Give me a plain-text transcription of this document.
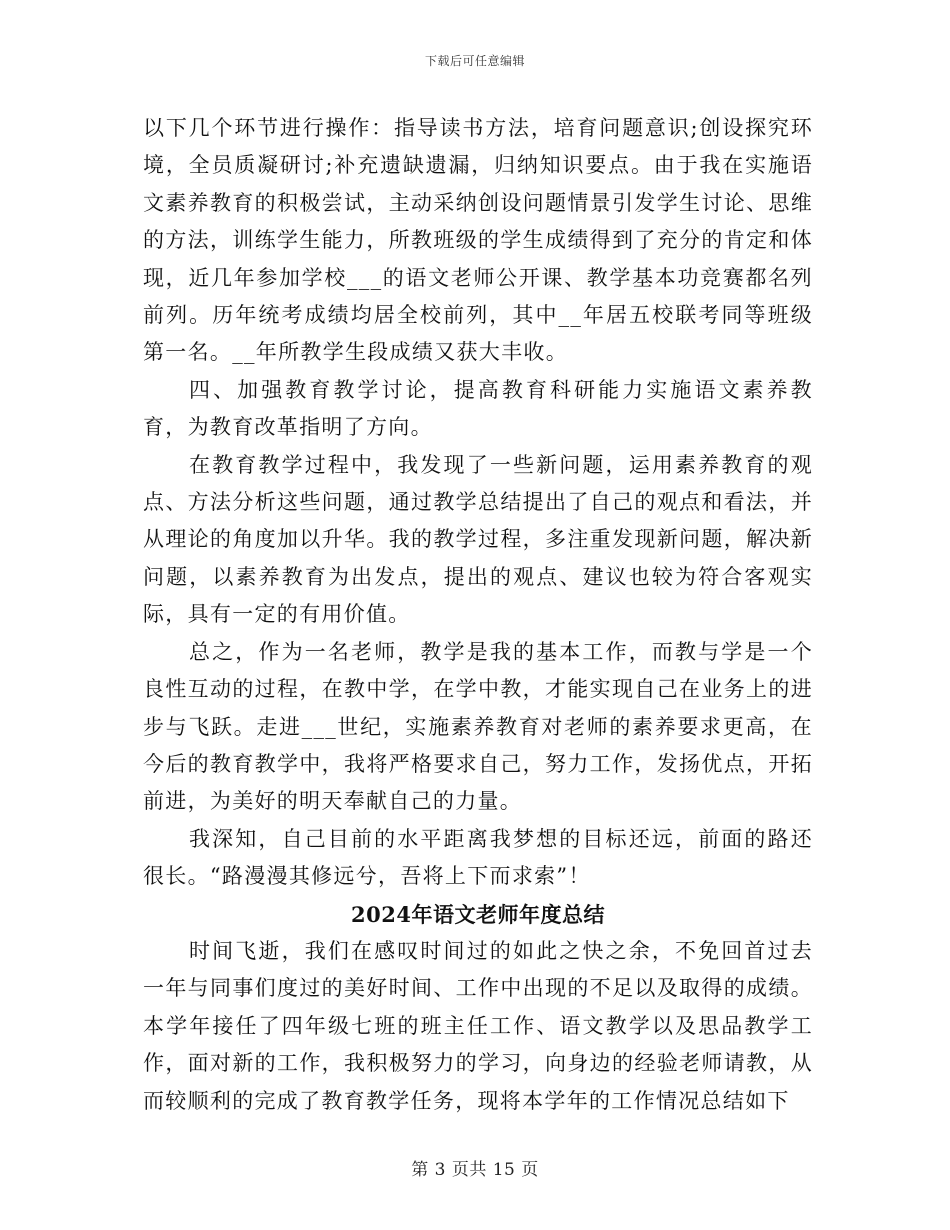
下载后可任意编辑

以下几个环节进行操作：指导读书方法，培育问题意识;创设探究环境，全员质凝研讨;补充遗缺遗漏，归纳知识要点。由于我在实施语文素养教育的积极尝试，主动采纳创设问题情景引发学生讨论、思维的方法，训练学生能力，所教班级的学生成绩得到了充分的肯定和体现，近几年参加学校___的语文老师公开课、教学基本功竞赛都名列前列。历年统考成绩均居全校前列，其中__年居五校联考同等班级第一名。__年所教学生段成绩又获大丰收。

四、加强教育教学讨论，提高教育科研能力实施语文素养教育，为教育改革指明了方向。

在教育教学过程中，我发现了一些新问题，运用素养教育的观点、方法分析这些问题，通过教学总结提出了自己的观点和看法，并从理论的角度加以升华。我的教学过程，多注重发现新问题，解决新问题，以素养教育为出发点，提出的观点、建议也较为符合客观实际，具有一定的有用价值。

总之，作为一名老师，教学是我的基本工作，而教与学是一个良性互动的过程，在教中学，在学中教，才能实现自己在业务上的进步与飞跃。走进___世纪，实施素养教育对老师的素养要求更高，在今后的教育教学中，我将严格要求自己，努力工作，发扬优点，开拓前进，为美好的明天奉献自己的力量。

我深知，自己目前的水平距离我梦想的目标还远，前面的路还很长。“路漫漫其修远兮，吾将上下而求索”！

2024年语文老师年度总结

时间飞逝，我们在感叹时间过的如此之快之余，不免回首过去一年与同事们度过的美好时间、工作中出现的不足以及取得的成绩。本学年接任了四年级七班的班主任工作、语文教学以及思品教学工作，面对新的工作，我积极努力的学习，向身边的经验老师请教，从而较顺利的完成了教育教学任务，现将本学年的工作情况总结如下

第 3 页共 15 页
